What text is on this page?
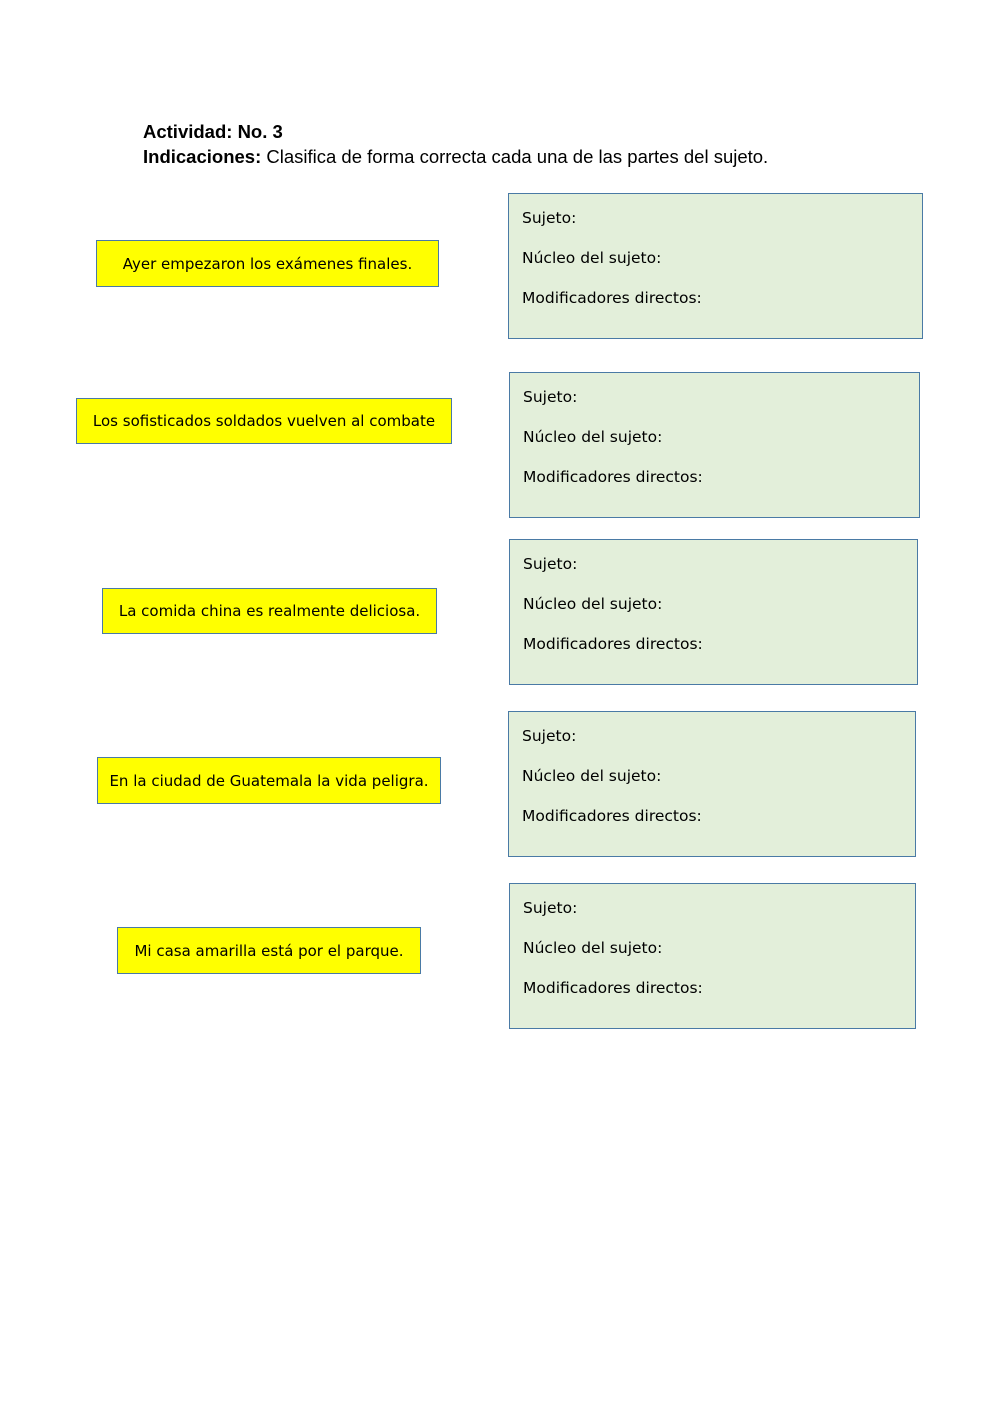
Actividad: No. 3
Indicaciones: Clasifica de forma correcta cada una de las partes del sujeto.
Ayer empezaron los exámenes finales.
Sujeto:
Núcleo del sujeto:
Modificadores directos:
Los sofisticados soldados vuelven al combate
Sujeto:
Núcleo del sujeto:
Modificadores directos:
La comida china es realmente deliciosa.
Sujeto:
Núcleo del sujeto:
Modificadores directos:
En la ciudad de Guatemala la vida peligra.
Sujeto:
Núcleo del sujeto:
Modificadores directos:
Mi casa amarilla está por el parque.
Sujeto:
Núcleo del sujeto:
Modificadores directos:
